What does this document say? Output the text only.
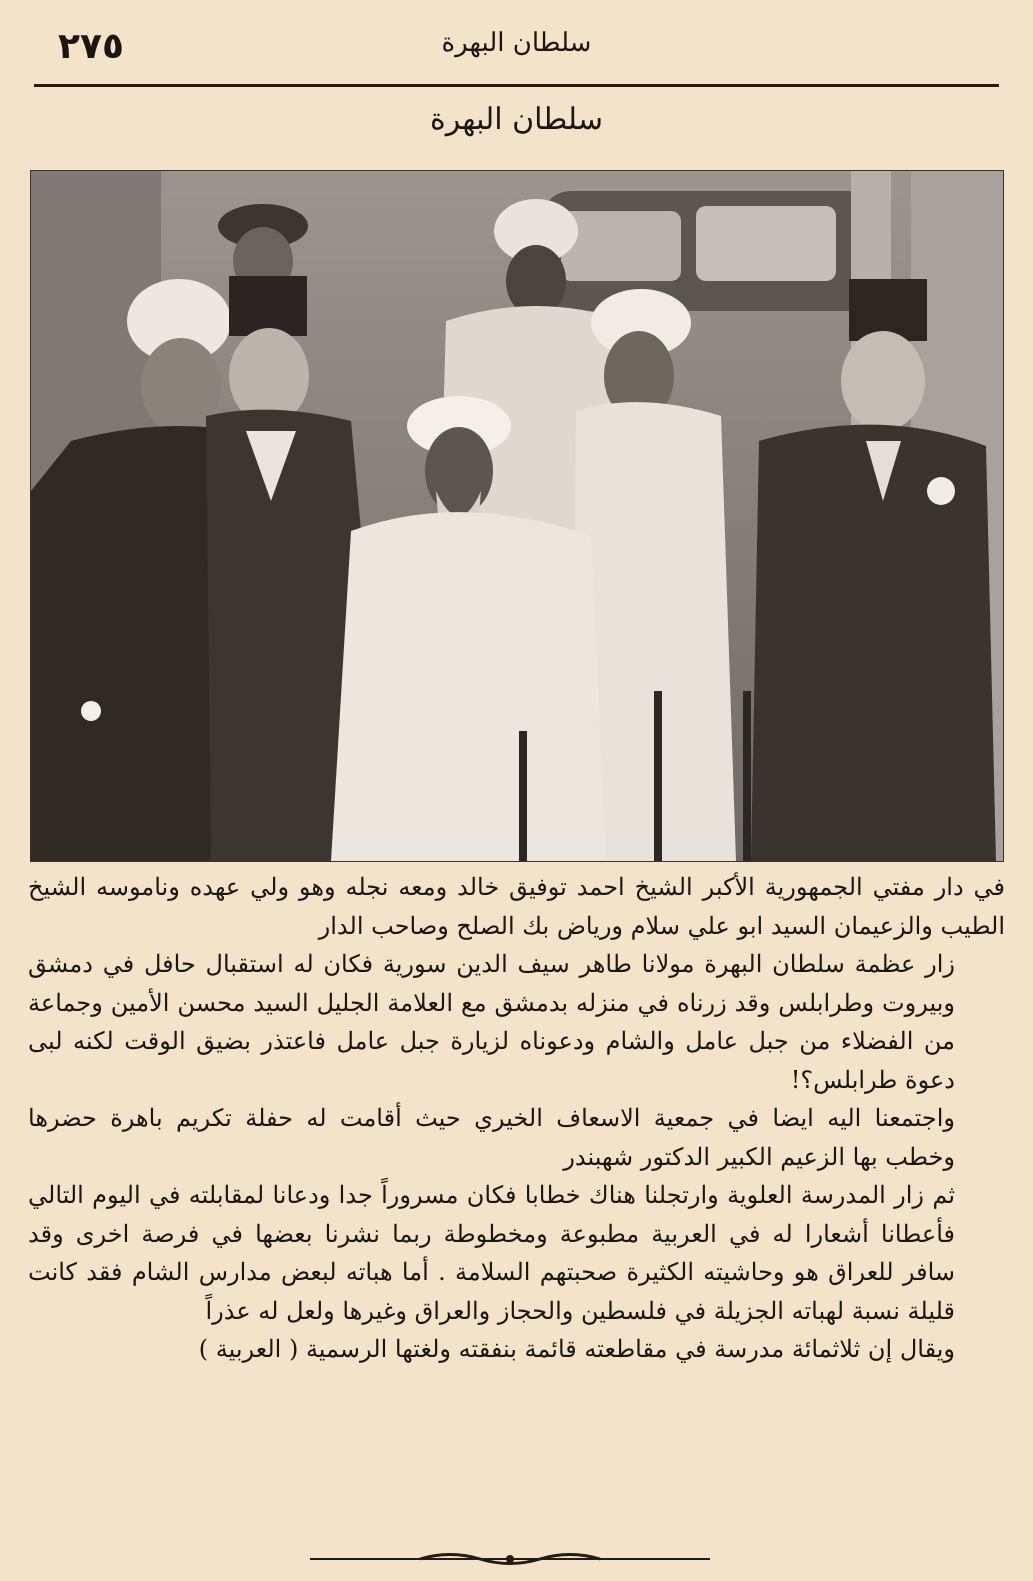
٢٧٥	سلطان البهرة
سلطان البهرة

في دار مفتي الجمهورية الأكبر الشيخ احمد توفيق خالد ومعه نجله وهو ولي عهده وناموسه الشيخ الطيب والزعيمان السيد ابو علي سلام ورياض بك الصلح وصاحب الدار

زار عظمة سلطان البهرة مولانا طاهر سيف الدين سورية فكان له استقبال حافل في دمشق وبيروت وطرابلس وقد زرناه في منزله بدمشق مع العلامة الجليل السيد محسن الأمين وجماعة من الفضلاء من جبل عامل والشام ودعوناه لزيارة جبل عامل فاعتذر بضيق الوقت لكنه لبى دعوة طرابلس؟!

واجتمعنا اليه ايضا في جمعية الاسعاف الخيري حيث أقامت له حفلة تكريم باهرة حضرها وخطب بها الزعيم الكبير الدكتور شهبندر

ثم زار المدرسة العلوية وارتجلنا هناك خطابا فكان مسروراً جدا ودعانا لمقابلته في اليوم التالي فأعطانا أشعارا له في العربية مطبوعة ومخطوطة ربما نشرنا بعضها في فرصة اخرى وقد سافر للعراق هو وحاشيته الكثيرة صحبتهم السلامة . أما هباته لبعض مدارس الشام فقد كانت قليلة نسبة لهباته الجزيلة في فلسطين والحجاز والعراق وغيرها ولعل له عذراً

ويقال إن ثلاثمائة مدرسة في مقاطعته قائمة بنفقته ولغتها الرسمية ( العربية )
